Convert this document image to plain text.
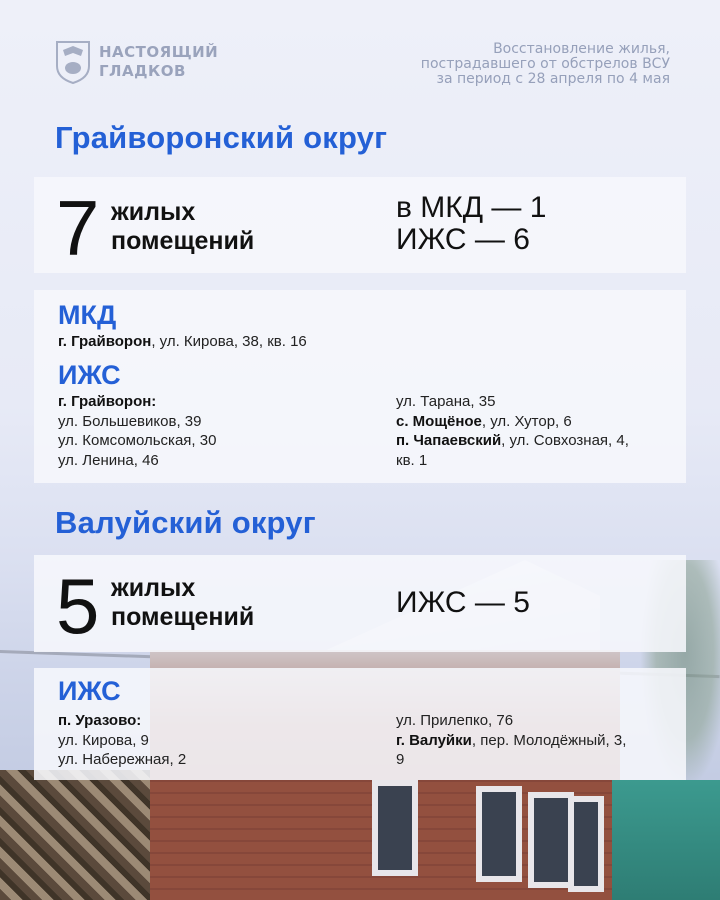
НАСТОЯЩИЙ
ГЛАДКОВ
Восстановление жилья,
пострадавшего от обстрелов ВСУ
за период с 28 апреля по 4 мая
Грайворонский округ
7 жилых
помещений
в МКД — 1
ИЖС — 6
МКД
г. Грайворон, ул. Кирова, 38, кв. 16
ИЖС
г. Грайворон:
ул. Большевиков, 39
ул. Комсомольская, 30
ул. Ленина, 46
ул. Тарана, 35
с. Мощёное, ул. Хутор, 6
п. Чапаевский, ул. Совхозная, 4,
кв. 1
Валуйский округ
5 жилых
помещений	ИЖС — 5
ИЖС
п. Уразово:
ул. Кирова, 9
ул. Набережная, 2
ул. Прилепко, 76
г. Валуйки, пер. Молодёжный, 3,
9
